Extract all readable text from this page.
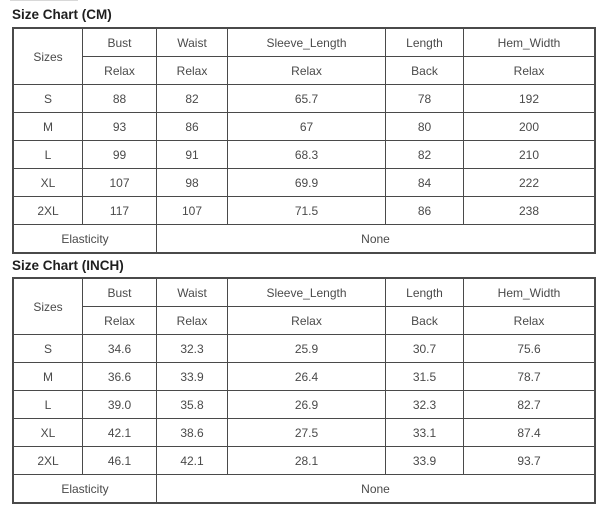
Size Chart (CM)
Sizes	Bust	Waist	Sleeve_Length	Length	Hem_Width
	Relax	Relax	Relax	Back	Relax
S	88	82	65.7	78	192
M	93	86	67	80	200
L	99	91	68.3	82	210
XL	107	98	69.9	84	222
2XL	117	107	71.5	86	238
Elasticity		None			
Size Chart (INCH)
Sizes	Bust	Waist	Sleeve_Length	Length	Hem_Width
	Relax	Relax	Relax	Back	Relax
S	34.6	32.3	25.9	30.7	75.6
M	36.6	33.9	26.4	31.5	78.7
L	39.0	35.8	26.9	32.3	82.7
XL	42.1	38.6	27.5	33.1	87.4
2XL	46.1	42.1	28.1	33.9	93.7
Elasticity		None			
